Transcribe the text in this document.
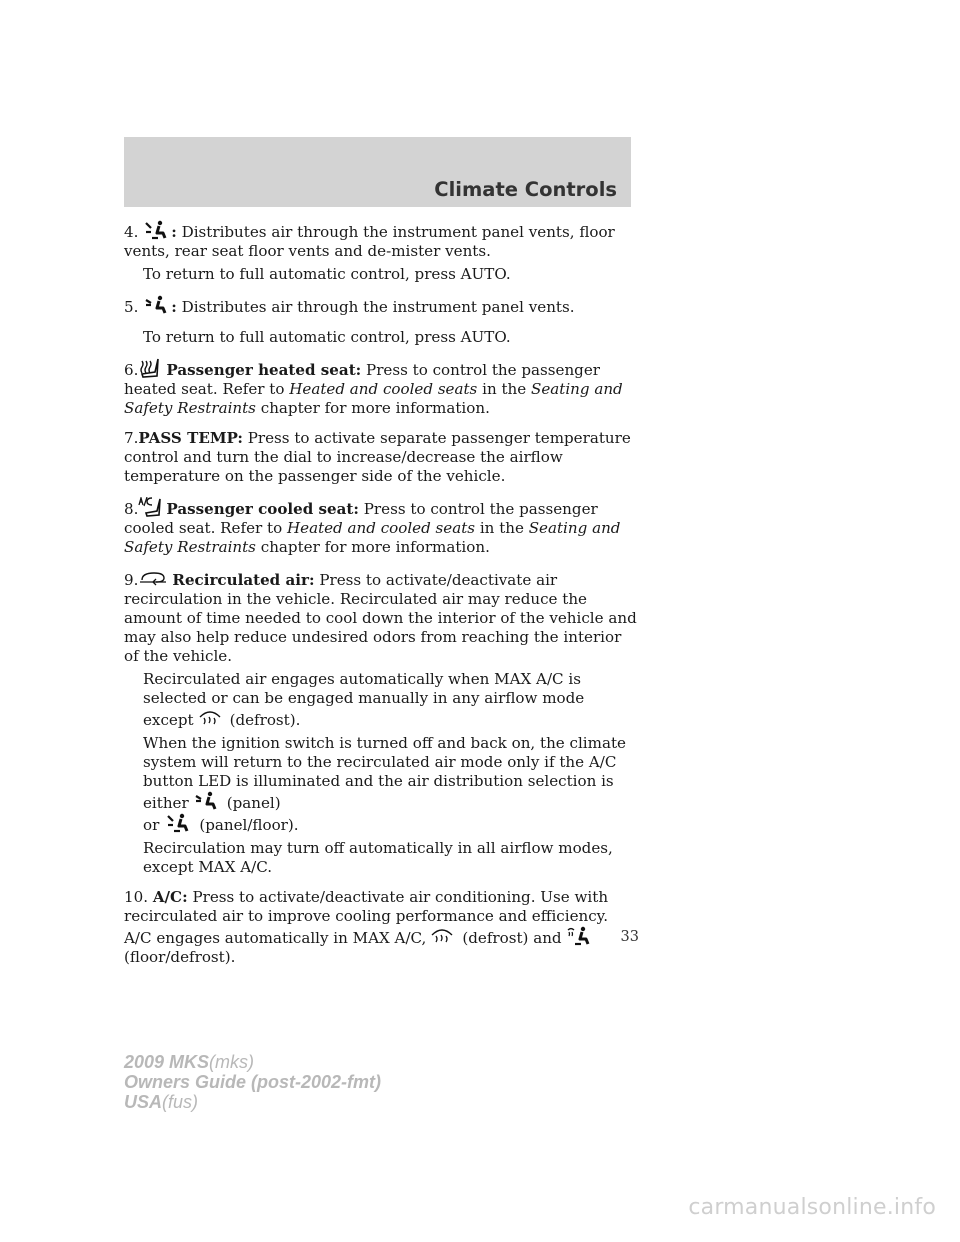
Climate Controls
4. : Distributes air through the instrument panel vents, floor vents, rear seat floor vents and de-mister vents.
To return to full automatic control, press AUTO.
5. : Distributes air through the instrument panel vents.
To return to full automatic control, press AUTO.
6. Passenger heated seat: Press to control the passenger heated seat. Refer to Heated and cooled seats in the Seating and Safety Restraints chapter for more information.
7.PASS TEMP: Press to activate separate passenger temperature control and turn the dial to increase/decrease the airflow temperature on the passenger side of the vehicle.
8. Passenger cooled seat: Press to control the passenger cooled seat. Refer to Heated and cooled seats in the Seating and Safety Restraints chapter for more information.
9. Recirculated air: Press to activate/deactivate air recirculation in the vehicle. Recirculated air may reduce the amount of time needed to cool down the interior of the vehicle and may also help reduce undesired odors from reaching the interior of the vehicle.
Recirculated air engages automatically when MAX A/C is selected or can be engaged manually in any airflow mode except (defrost).
When the ignition switch is turned off and back on, the climate system will return to the recirculated air mode only if the A/C button LED is illuminated and the air distribution selection is either	(panel)
or	(panel/floor).
Recirculation may turn off automatically in all airflow modes, except MAX A/C.
10. A/C: Press to activate/deactivate air conditioning. Use with recirculated air to improve cooling performance and efficiency. A/C engages automatically in MAX A/C, (defrost) and

(floor/defrost).
33
2009 MKS(mks)
Owners Guide (post-2002-fmt)
USA(fus)
carmanualsonline.info
